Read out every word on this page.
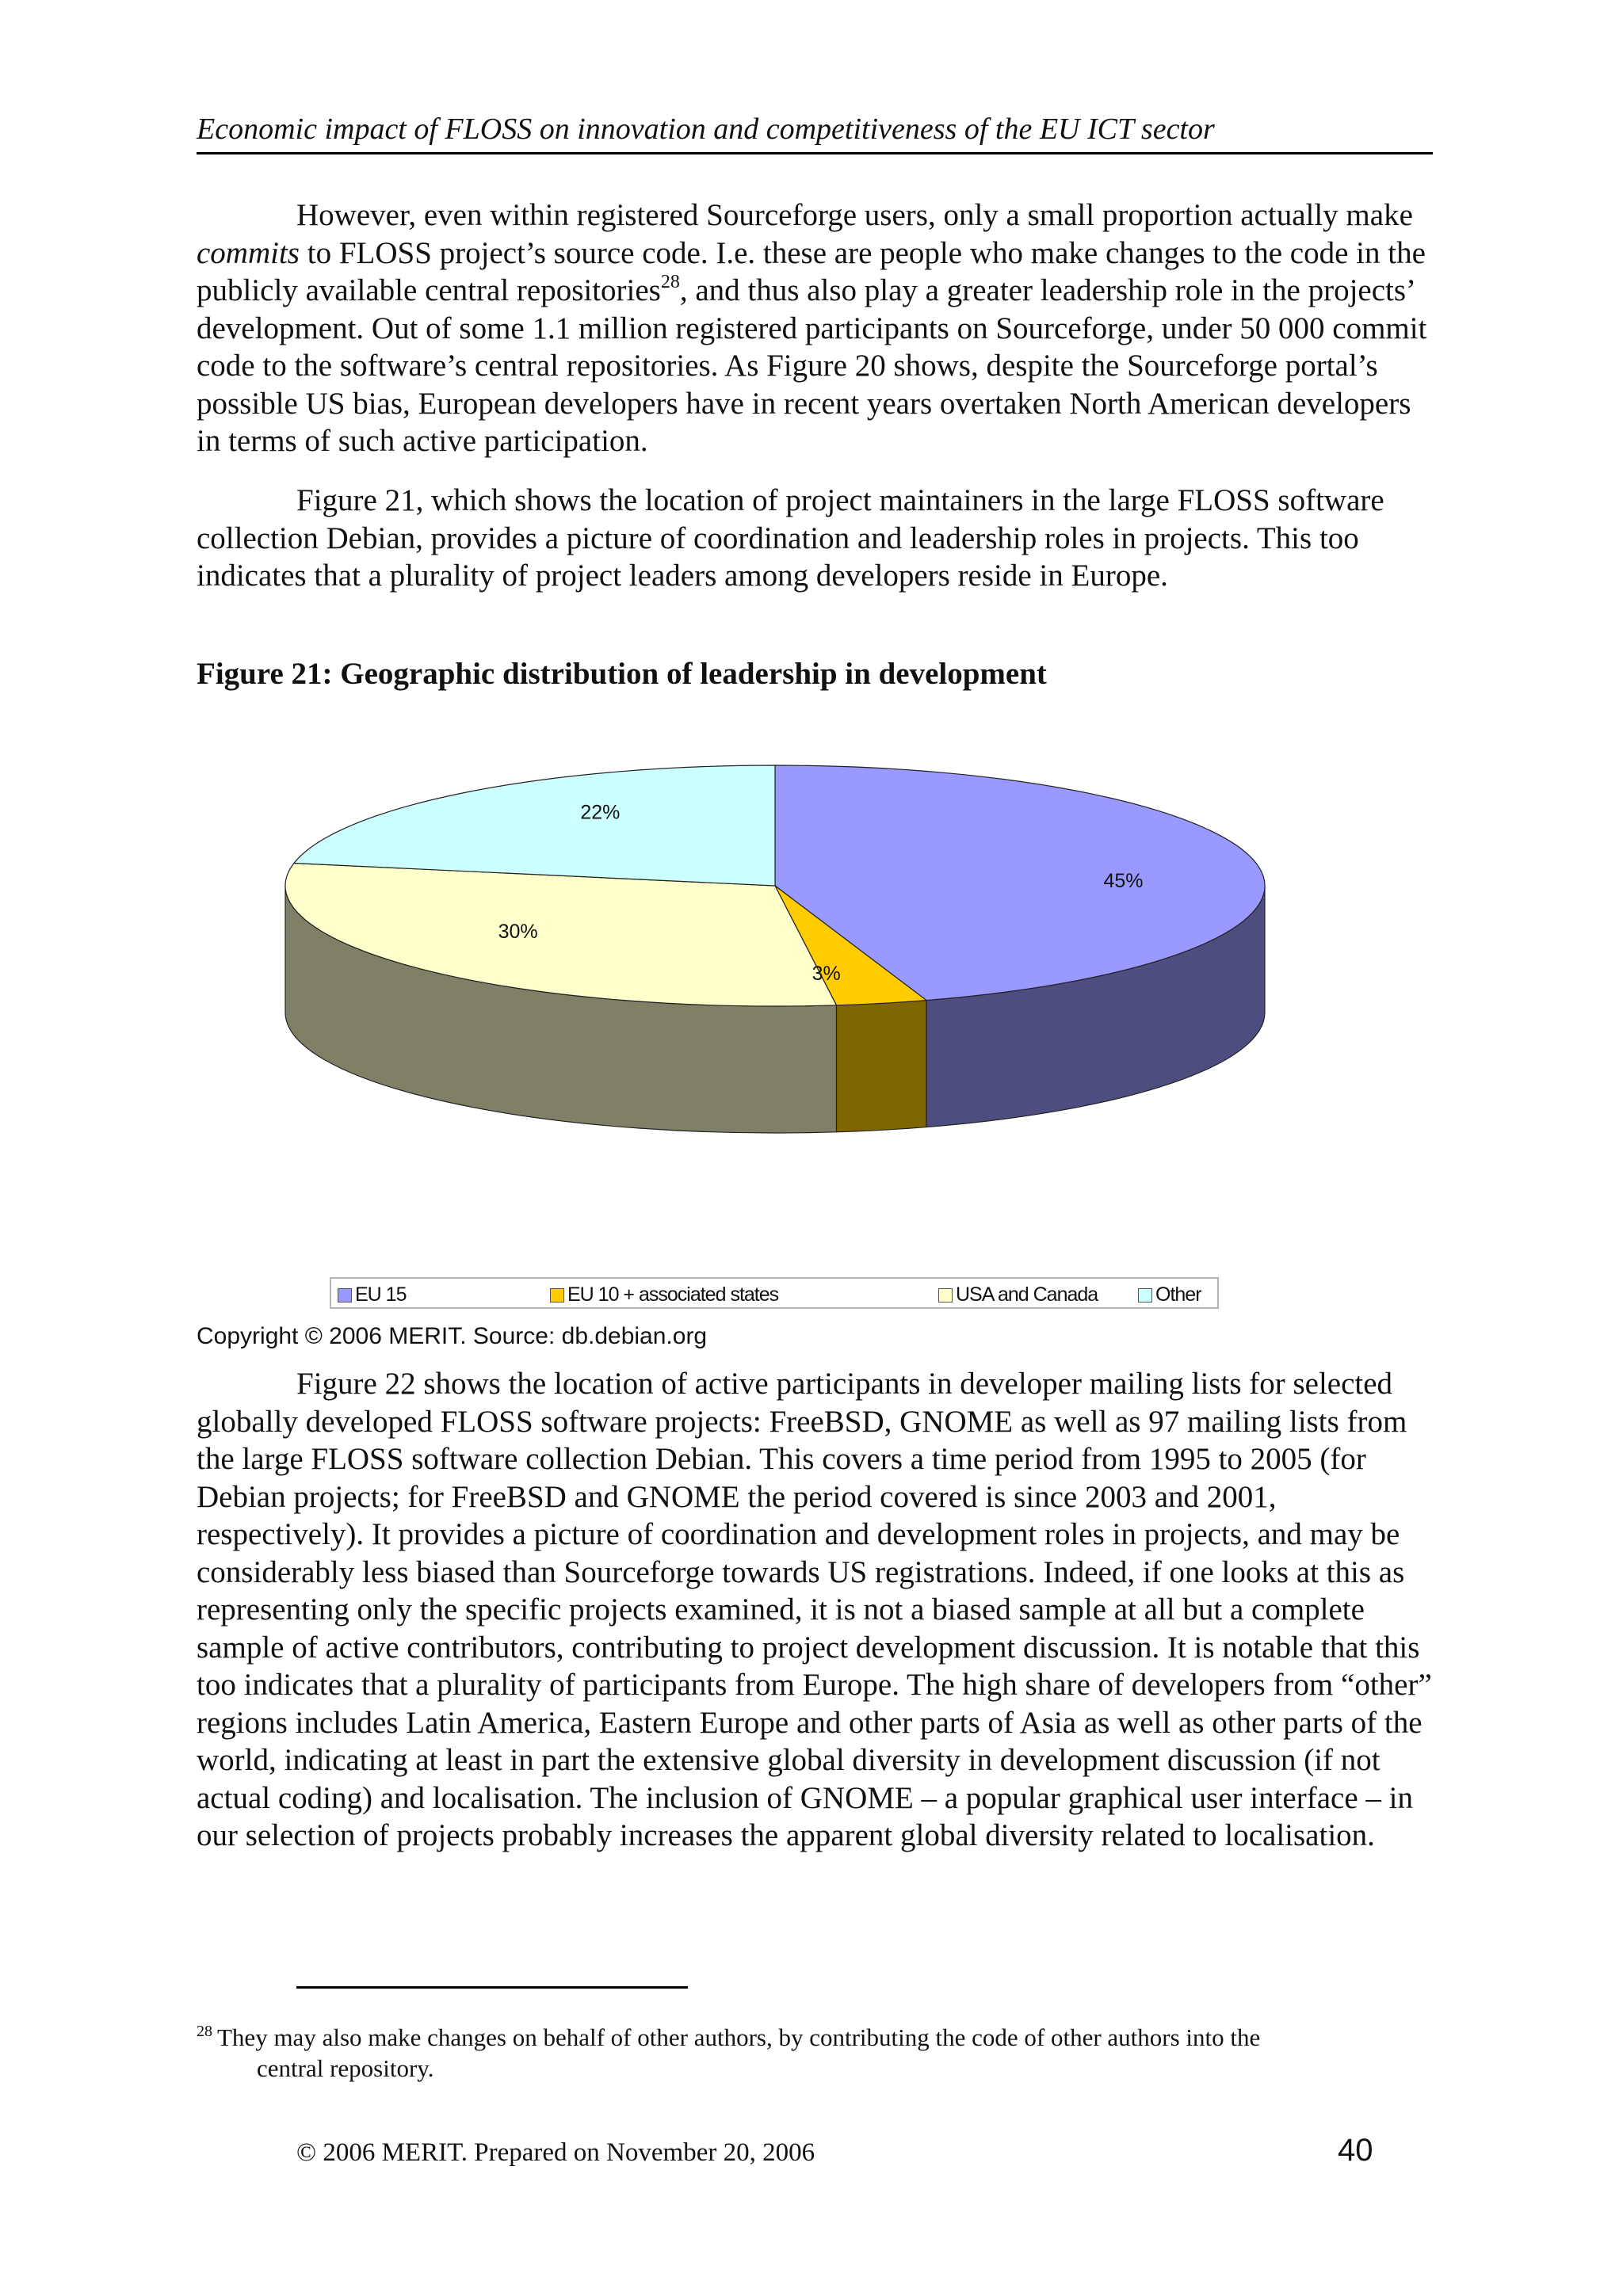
Economic impact of FLOSS on innovation and competitiveness of the EU ICT sector

However, even within registered Sourceforge users, only a small proportion actually make commits to FLOSS project’s source code. I.e. these are people who make changes to the code in the publicly available central repositories$^{28}$, and thus also play a greater leadership role in the projects’ development. Out of some 1.1 million registered participants on Sourceforge, under 50 000 commit code to the software’s central repositories. As Figure 20 shows, despite the Sourceforge portal’s possible US bias, European developers have in recent years overtaken North American developers in terms of such active participation.

Figure 21, which shows the location of project maintainers in the large FLOSS software collection Debian, provides a picture of coordination and leadership roles in projects. This too indicates that a plurality of project leaders among developers reside in Europe.

Figure 21: Geographic distribution of leadership in development
45%
3%
30%
22%
EU 15	EU 10 + associated states	USA and Canada	Other
Copyright © 2006 MERIT. Source: db.debian.org

Figure 22 shows the location of active participants in developer mailing lists for selected globally developed FLOSS software projects: FreeBSD, GNOME as well as 97 mailing lists from the large FLOSS software collection Debian. This covers a time period from 1995 to 2005 (for Debian projects; for FreeBSD and GNOME the period covered is since 2003 and 2001, respectively). It provides a picture of coordination and development roles in projects, and may be considerably less biased than Sourceforge towards US registrations. Indeed, if one looks at this as representing only the specific projects examined, it is not a biased sample at all but a complete sample of active contributors, contributing to project development discussion. It is notable that this too indicates that a plurality of participants from Europe. The high share of developers from “other” regions includes Latin America, Eastern Europe and other parts of Asia as well as other parts of the world, indicating at least in part the extensive global diversity in development discussion (if not actual coding) and localisation. The inclusion of GNOME – a popular graphical user interface – in our selection of projects probably increases the apparent global diversity related to localisation.

$^{28}$ They may also make changes on behalf of other authors, by contributing the code of other authors into the
central repository.
© 2006 MERIT. Prepared on November 20, 2006	40
